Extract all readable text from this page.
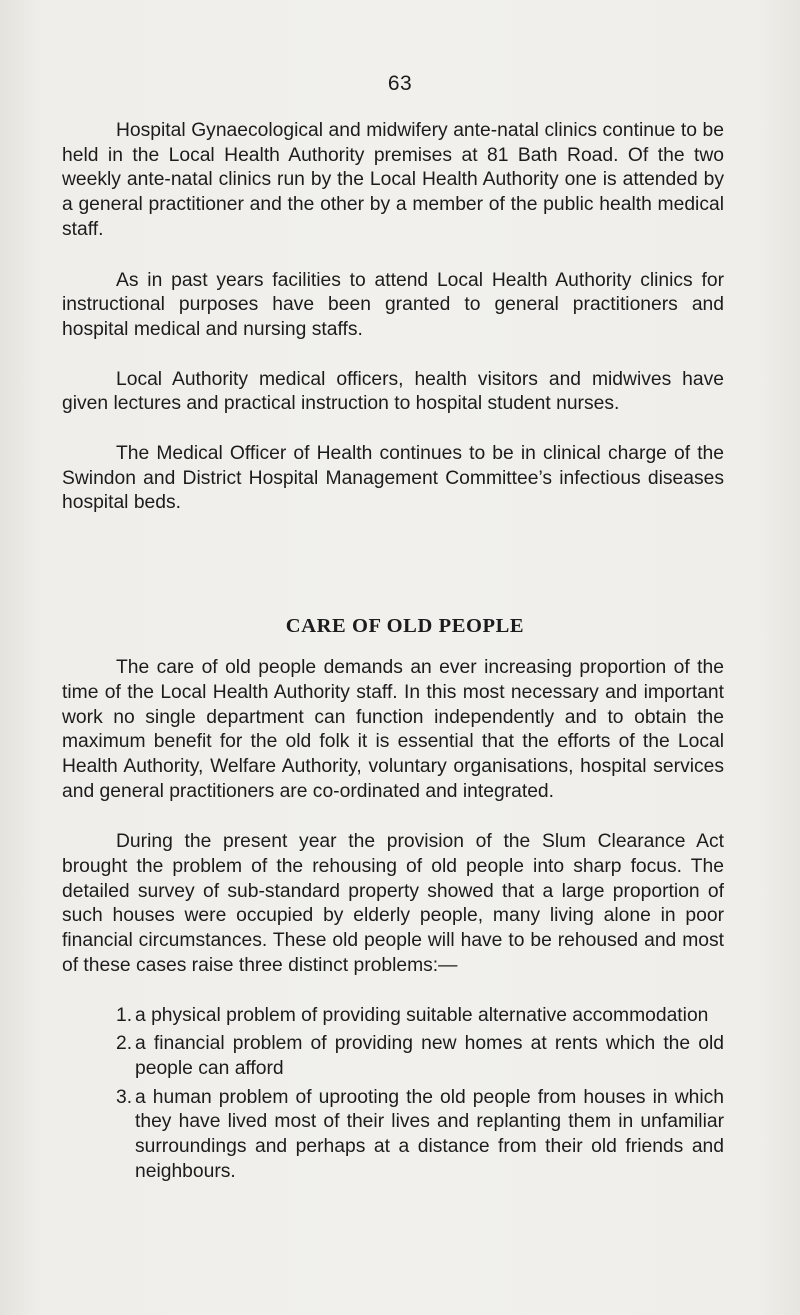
63

Hospital Gynaecological and midwifery ante-natal clinics continue to be held in the Local Health Authority premises at 81 Bath Road. Of the two weekly ante-natal clinics run by the Local Health Authority one is attended by a general practitioner and the other by a member of the public health medical staff.

As in past years facilities to attend Local Health Authority clinics for instructional purposes have been granted to general practitioners and hospital medical and nursing staffs.

Local Authority medical officers, health visitors and midwives have given lectures and practical instruction to hospital student nurses.

The Medical Officer of Health continues to be in clinical charge of the Swindon and District Hospital Management Committee’s infectious diseases hospital beds.

CARE OF OLD PEOPLE

The care of old people demands an ever increasing proportion of the time of the Local Health Authority staff. In this most necessary and important work no single department can function independently and to obtain the maximum benefit for the old folk it is essential that the efforts of the Local Health Authority, Welfare Authority, voluntary organisations, hospital services and general practitioners are co-ordinated and integrated.

During the present year the provision of the Slum Clearance Act brought the problem of the rehousing of old people into sharp focus. The detailed survey of sub-standard property showed that a large proportion of such houses were occupied by elderly people, many living alone in poor financial circumstances. These old people will have to be rehoused and most of these cases raise three distinct problems:—

1. a physical problem of providing suitable alternative accommodation
2. a financial problem of providing new homes at rents which the old people can afford
3. a human problem of uprooting the old people from houses in which they have lived most of their lives and replanting them in unfamiliar surroundings and perhaps at a distance from their old friends and neighbours.
